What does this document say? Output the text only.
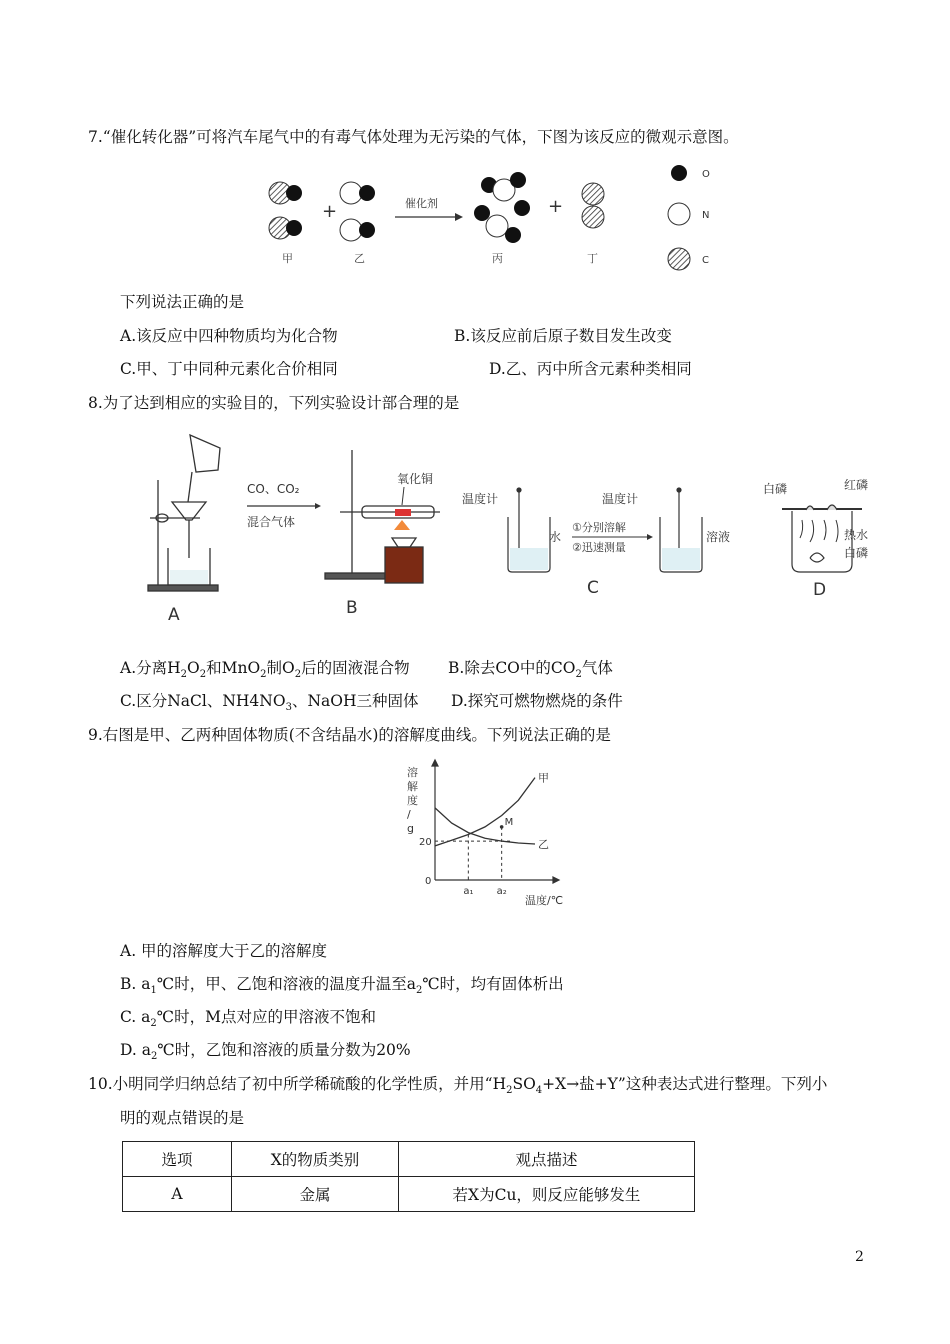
7.“催化转化器”可将汽车尾气中的有毒气体处理为无污染的气体，下图为该反应的微观示意图。
+	催化剂	+
甲	乙	丙	丁
O
N
C
下列说法正确的是
A.该反应中四种物质均为化合物	B.该反应前后原子数目发生改变
C.甲、丁中同种元素化合价相同	D.乙、丙中所含元素种类相同
8.为了达到相应的实验目的，下列实验设计部合理的是
A
CO、CO₂
混合气体
氧化铜
B
温度计
水
①分别溶解
②迅速测量
温度计
溶液
C
白磷	红磷
热水
白磷
D
A.分离$H_2O_2$和MnO$_2$制$O_2$后的固液混合物 B.除去CO中的$CO_2$气体
C.区分NaCl、$NH4NO_3$、NaOH三种固体 D.探究可燃物燃烧的条件
9.右图是甲、乙两种固体物质(不含结晶水)的溶解度曲线。下列说法正确的是
甲
乙
M
溶
解
度
/
g
0
20
a₁ a₂
温度/℃
A. 甲的溶解度大于乙的溶解度
B. $a_1℃$时，甲、乙饱和溶液的温度升温至$a_2℃$时，均有固体析出
C. $a_2℃$时，M点对应的甲溶液不饱和
D. $a_2℃$时，乙饱和溶液的质量分数为20%
10.小明同学归纳总结了初中所学稀硫酸的化学性质，并用“$H_2SO_4+X\to$盐+Y”这种表达式进行整理。下列小
明的观点错误的是
选项	X的物质类别	观点描述
A	金属	若X为Cu，则反应能够发生
2
